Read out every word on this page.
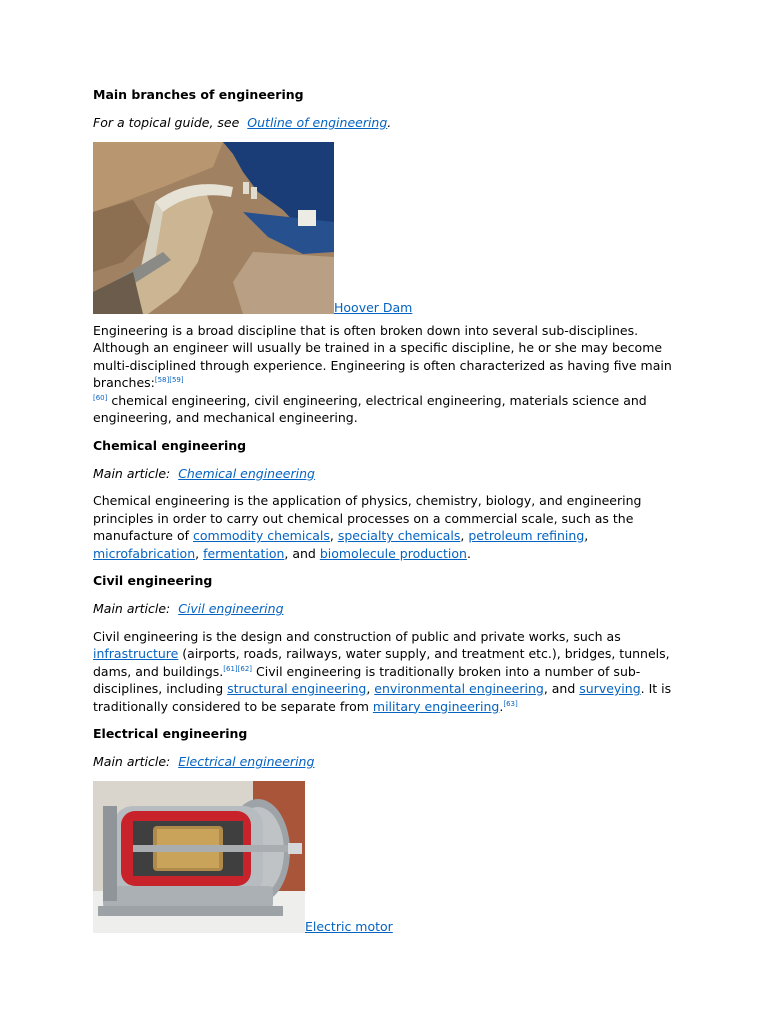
Main branches of engineering
For a topical guide, see Outline of engineering.
Hoover Dam
Engineering is a broad discipline that is often broken down into several sub-disciplines. Although an engineer will usually be trained in a specific discipline, he or she may become multi-disciplined through experience. Engineering is often characterized as having five main branches:[58][59]
[60] chemical engineering, civil engineering, electrical engineering, materials science and engineering, and mechanical engineering.
Chemical engineering
Main article: Chemical engineering
Chemical engineering is the application of physics, chemistry, biology, and engineering principles in order to carry out chemical processes on a commercial scale, such as the manufacture of commodity chemicals, specialty chemicals, petroleum refining, microfabrication, fermentation, and biomolecule production.
Civil engineering
Main article: Civil engineering
Civil engineering is the design and construction of public and private works, such as infrastructure (airports, roads, railways, water supply, and treatment etc.), bridges, tunnels, dams, and buildings.[61][62] Civil engineering is traditionally broken into a number of sub-disciplines, including structural engineering, environmental engineering, and surveying. It is traditionally considered to be separate from military engineering.[63]
Electrical engineering
Main article: Electrical engineering
Electric motor
